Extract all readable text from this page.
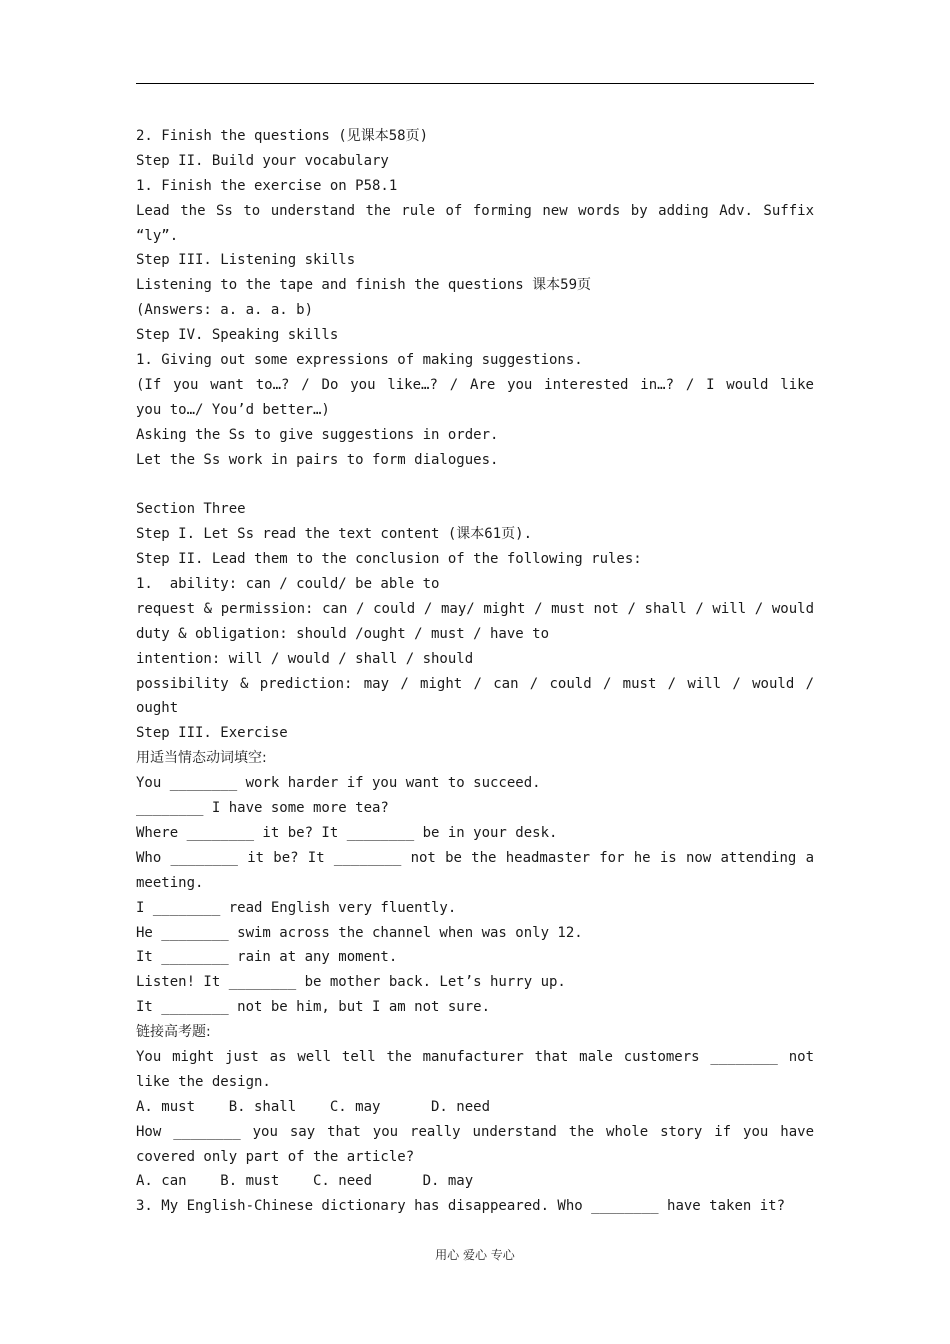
2. Finish the questions (见课本58页)
Step II. Build your vocabulary
1. Finish the exercise on P58.1
Lead the Ss to understand the rule of forming new words by adding Adv. Suffix
“ly”.
Step III. Listening skills
Listening to the tape and finish the questions 课本59页
(Answers: a. a. a. b)
Step IV. Speaking skills
1. Giving out some expressions of making suggestions.
(If you want to…? / Do you like…? / Are you interested in…? / I would like
you to…/ You’d better…)
Asking the Ss to give suggestions in order.
Let the Ss work in pairs to form dialogues.
Section Three
Step I. Let Ss read the text content (课本61页).
Step II. Lead them to the conclusion of the following rules:
1.  ability: can / could/ be able to
request & permission: can / could / may/ might / must not / shall / will / would
duty & obligation: should /ought / must / have to
intention: will / would / shall / should
possibility & prediction: may / might / can / could / must / will / would /
ought
Step III. Exercise
用适当情态动词填空:
You ________ work harder if you want to succeed.
________ I have some more tea?
Where ________ it be? It ________ be in your desk.
Who ________ it be? It ________ not be the headmaster for he is now attending a
meeting.
I ________ read English very fluently.
He ________ swim across the channel when was only 12.
It ________ rain at any moment.
Listen! It ________ be mother back. Let’s hurry up.
It ________ not be him, but I am not sure.
链接高考题:
You might just as well tell the manufacturer that male customers ________ not
like the design.
A. must    B. shall    C. may      D. need
How ________ you say that you really understand the whole story if you have
covered only part of the article?
A. can    B. must    C. need      D. may
3. My English-Chinese dictionary has disappeared. Who ________ have taken it?
用心 爱心 专心
